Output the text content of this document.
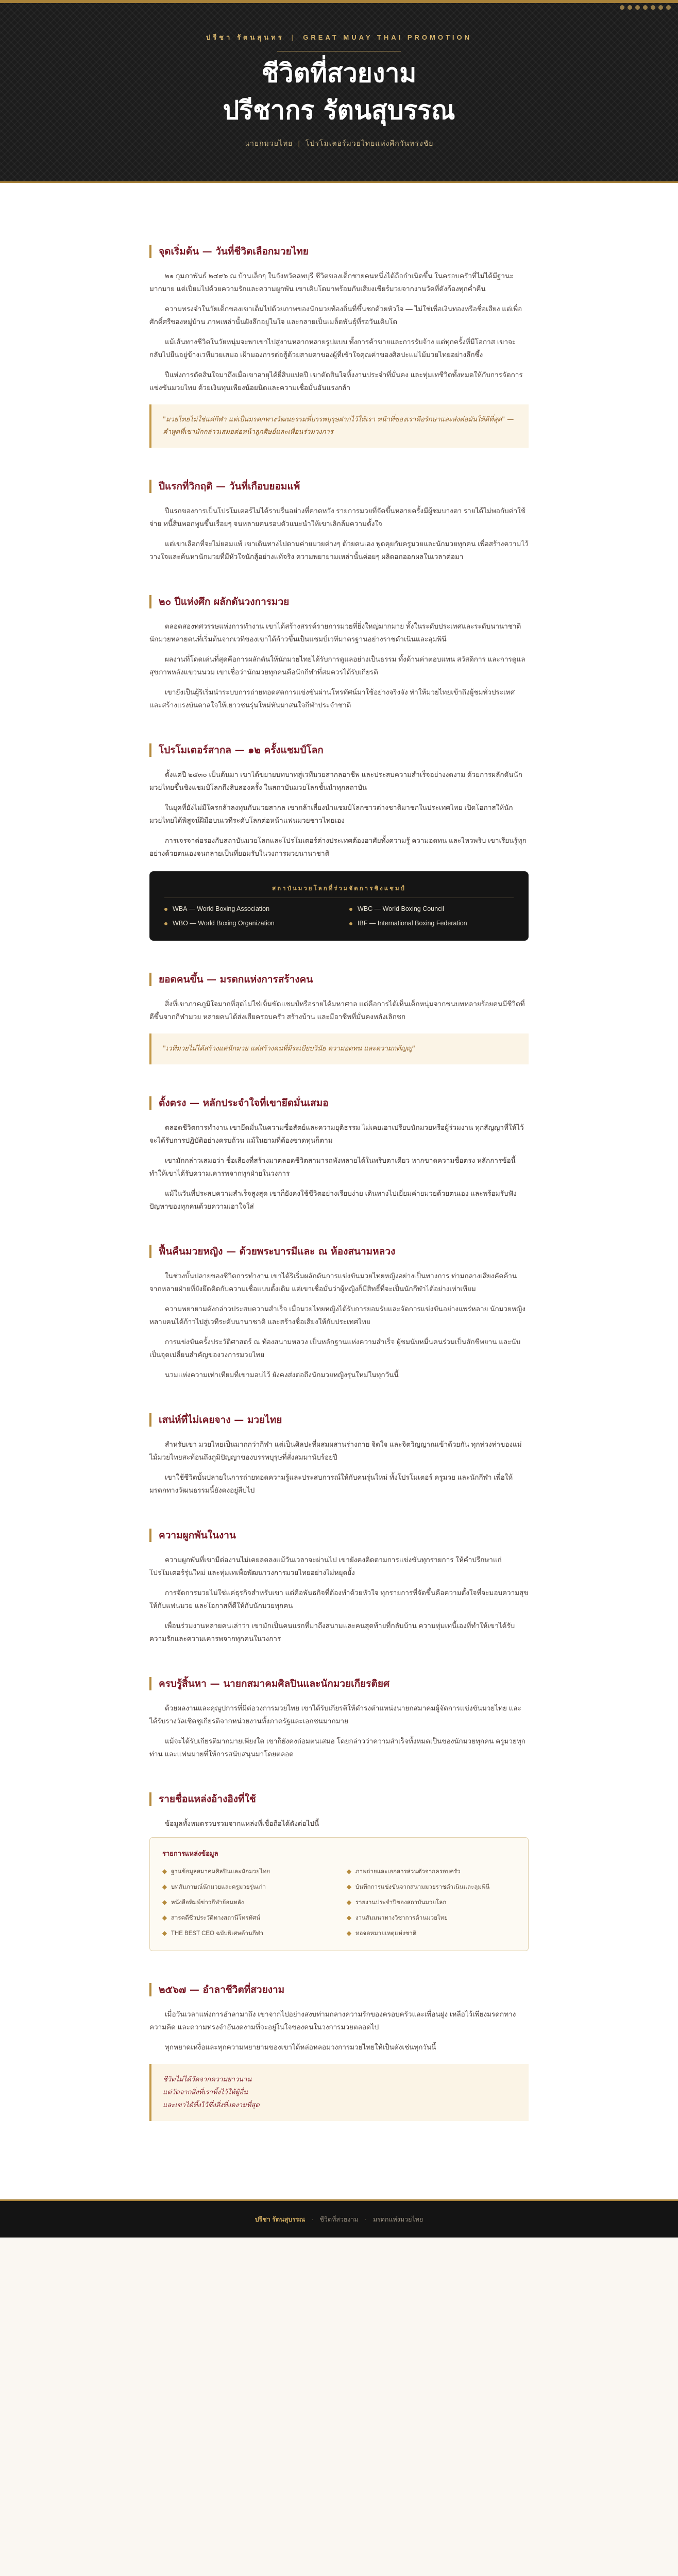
ปรีชา รัตนสุนทร | GREAT MUAY THAI PROMOTION
ชีวิตที่สวยงาม
ปรีชากร รัตนสุบรรณ
นายกมวยไทย | โปรโมเตอร์มวยไทยแห่งศึกวันทรงชัย
จุดเริ่มต้น — วันที่ชีวิตเลือกมวยไทย

๒๑ กุมภาพันธ์ ๒๔๙๖ ณ บ้านเล็กๆ ในจังหวัดลพบุรี ชีวิตของเด็กชายคนหนึ่งได้ถือกำเนิดขึ้น ในครอบครัวที่ไม่ได้มีฐานะมากมาย แต่เปี่ยมไปด้วยความรักและความผูกพัน เขาเติบโตมาพร้อมกับเสียงเชียร์มวยจากงานวัดที่ดังก้องทุกค่ำคืน

ความทรงจำในวัยเด็กของเขาเต็มไปด้วยภาพของนักมวยท้องถิ่นที่ขึ้นชกด้วยหัวใจ — ไม่ใช่เพื่อเงินทองหรือชื่อเสียง แต่เพื่อศักดิ์ศรีของหมู่บ้าน ภาพเหล่านั้นฝังลึกอยู่ในใจ และกลายเป็นเมล็ดพันธุ์ที่รอวันเติบโต

แม้เส้นทางชีวิตในวัยหนุ่มจะพาเขาไปสู่งานหลากหลายรูปแบบ ทั้งการค้าขายและการรับจ้าง แต่ทุกครั้งที่มีโอกาส เขาจะกลับไปยืนอยู่ข้างเวทีมวยเสมอ เฝ้ามองการต่อสู้ด้วยสายตาของผู้ที่เข้าใจคุณค่าของศิลปะแม่ไม้มวยไทยอย่างลึกซึ้ง

ปีแห่งการตัดสินใจมาถึงเมื่อเขาอายุได้ยี่สิบแปดปี เขาตัดสินใจทิ้งงานประจำที่มั่นคง และทุ่มเทชีวิตทั้งหมดให้กับการจัดการแข่งขันมวยไทย ด้วยเงินทุนเพียงน้อยนิดและความเชื่อมั่นอันแรงกล้า

"มวยไทยไม่ใช่แค่กีฬา แต่เป็นมรดกทางวัฒนธรรมที่บรรพบุรุษฝากไว้ให้เรา หน้าที่ของเราคือรักษาและส่งต่อมันให้ดีที่สุด" — คำพูดที่เขามักกล่าวเสมอต่อหน้าลูกศิษย์และเพื่อนร่วมวงการ
ปีแรกที่วิกฤติ — วันที่เกือบยอมแพ้

ปีแรกของการเป็นโปรโมเตอร์ไม่ได้ราบรื่นอย่างที่คาดหวัง รายการมวยที่จัดขึ้นหลายครั้งมีผู้ชมบางตา รายได้ไม่พอกับค่าใช้จ่าย หนี้สินพอกพูนขึ้นเรื่อยๆ จนหลายคนรอบตัวแนะนำให้เขาเลิกล้มความตั้งใจ

แต่เขาเลือกที่จะไม่ยอมแพ้ เขาเดินทางไปตามค่ายมวยต่างๆ ด้วยตนเอง พูดคุยกับครูมวยและนักมวยทุกคน เพื่อสร้างความไว้วางใจและค้นหานักมวยที่มีหัวใจนักสู้อย่างแท้จริง ความพยายามเหล่านั้นค่อยๆ ผลิดอกออกผลในเวลาต่อมา

๒๐ ปีแห่งศึก ผลักดันวงการมวย

ตลอดสองทศวรรษแห่งการทำงาน เขาได้สร้างสรรค์รายการมวยที่ยิ่งใหญ่มากมาย ทั้งในระดับประเทศและระดับนานาชาติ นักมวยหลายคนที่เริ่มต้นจากเวทีของเขาได้ก้าวขึ้นเป็นแชมป์เวทีมาตรฐานอย่างราชดำเนินและลุมพินี

ผลงานที่โดดเด่นที่สุดคือการผลักดันให้นักมวยไทยได้รับการดูแลอย่างเป็นธรรม ทั้งด้านค่าตอบแทน สวัสดิการ และการดูแลสุขภาพหลังแขวนนวม เขาเชื่อว่านักมวยทุกคนคือนักกีฬาที่สมควรได้รับเกียรติ

เขายังเป็นผู้ริเริ่มนำระบบการถ่ายทอดสดการแข่งขันผ่านโทรทัศน์มาใช้อย่างจริงจัง ทำให้มวยไทยเข้าถึงผู้ชมทั่วประเทศ และสร้างแรงบันดาลใจให้เยาวชนรุ่นใหม่หันมาสนใจกีฬาประจำชาติ

โปรโมเตอร์สากล — ๑๒ ครั้งแชมป์โลก

ตั้งแต่ปี ๒๕๓๐ เป็นต้นมา เขาได้ขยายบทบาทสู่เวทีมวยสากลอาชีพ และประสบความสำเร็จอย่างงดงาม ด้วยการผลักดันนักมวยไทยขึ้นชิงแชมป์โลกถึงสิบสองครั้ง ในสถาบันมวยโลกชั้นนำทุกสถาบัน

ในยุคที่ยังไม่มีใครกล้าลงทุนกับมวยสากล เขากล้าเสี่ยงนำแชมป์โลกชาวต่างชาติมาชกในประเทศไทย เปิดโอกาสให้นักมวยไทยได้พิสูจน์ฝีมือบนเวทีระดับโลกต่อหน้าแฟนมวยชาวไทยเอง

การเจรจาต่อรองกับสถาบันมวยโลกและโปรโมเตอร์ต่างประเทศต้องอาศัยทั้งความรู้ ความอดทน และไหวพริบ เขาเรียนรู้ทุกอย่างด้วยตนเองจนกลายเป็นที่ยอมรับในวงการมวยนานาชาติ

สถาบันมวยโลกที่ร่วมจัดการชิงแชมป์
WBA — World Boxing Association	WBC — World Boxing Council
WBO — World Boxing Organization	IBF — International Boxing Federation
ยอดคนขึ้น — มรดกแห่งการสร้างคน

สิ่งที่เขาภาคภูมิใจมากที่สุดไม่ใช่เข็มขัดแชมป์หรือรายได้มหาศาล แต่คือการได้เห็นเด็กหนุ่มจากชนบทหลายร้อยคนมีชีวิตที่ดีขึ้นจากกีฬามวย หลายคนได้ส่งเสียครอบครัว สร้างบ้าน และมีอาชีพที่มั่นคงหลังเลิกชก

"เวทีมวยไม่ได้สร้างแค่นักมวย แต่สร้างคนที่มีระเบียบวินัย ความอดทน และความกตัญญู"
ตั้งตรง — หลักประจำใจที่เขายึดมั่นเสมอ

ตลอดชีวิตการทำงาน เขายึดมั่นในความซื่อสัตย์และความยุติธรรม ไม่เคยเอาเปรียบนักมวยหรือผู้ร่วมงาน ทุกสัญญาที่ให้ไว้จะได้รับการปฏิบัติอย่างครบถ้วน แม้ในยามที่ต้องขาดทุนก็ตาม

เขามักกล่าวเสมอว่า ชื่อเสียงที่สร้างมาตลอดชีวิตสามารถพังทลายได้ในพริบตาเดียว หากขาดความซื่อตรง หลักการข้อนี้ทำให้เขาได้รับความเคารพจากทุกฝ่ายในวงการ

แม้ในวันที่ประสบความสำเร็จสูงสุด เขาก็ยังคงใช้ชีวิตอย่างเรียบง่าย เดินทางไปเยี่ยมค่ายมวยด้วยตนเอง และพร้อมรับฟังปัญหาของทุกคนด้วยความเอาใจใส่

ฟื้นคืนมวยหญิง — ด้วยพระบารมีและ ณ ห้องสนามหลวง

ในช่วงบั้นปลายของชีวิตการทำงาน เขาได้ริเริ่มผลักดันการแข่งขันมวยไทยหญิงอย่างเป็นทางการ ท่ามกลางเสียงคัดค้านจากหลายฝ่ายที่ยังยึดติดกับความเชื่อแบบดั้งเดิม แต่เขาเชื่อมั่นว่าผู้หญิงก็มีสิทธิ์ที่จะเป็นนักกีฬาได้อย่างเท่าเทียม

ความพยายามดังกล่าวประสบความสำเร็จ เมื่อมวยไทยหญิงได้รับการยอมรับและจัดการแข่งขันอย่างแพร่หลาย นักมวยหญิงหลายคนได้ก้าวไปสู่เวทีระดับนานาชาติ และสร้างชื่อเสียงให้กับประเทศไทย

การแข่งขันครั้งประวัติศาสตร์ ณ ท้องสนามหลวง เป็นหลักฐานแห่งความสำเร็จ ผู้ชมนับหมื่นคนร่วมเป็นสักขีพยาน และนับเป็นจุดเปลี่ยนสำคัญของวงการมวยไทย

นวมแห่งความเท่าเทียมที่เขามอบไว้ ยังคงส่งต่อถึงนักมวยหญิงรุ่นใหม่ในทุกวันนี้

เสน่ห์ที่ไม่เคยจาง — มวยไทย

สำหรับเขา มวยไทยเป็นมากกว่ากีฬา แต่เป็นศิลปะที่ผสมผสานร่างกาย จิตใจ และจิตวิญญาณเข้าด้วยกัน ทุกท่วงท่าของแม่ไม้มวยไทยสะท้อนถึงภูมิปัญญาของบรรพบุรุษที่สั่งสมมานับร้อยปี

เขาใช้ชีวิตบั้นปลายในการถ่ายทอดความรู้และประสบการณ์ให้กับคนรุ่นใหม่ ทั้งโปรโมเตอร์ ครูมวย และนักกีฬา เพื่อให้มรดกทางวัฒนธรรมนี้ยังคงอยู่สืบไป

ความผูกพันในงาน

ความผูกพันที่เขามีต่องานไม่เคยลดลงแม้วันเวลาจะผ่านไป เขายังคงติดตามการแข่งขันทุกรายการ ให้คำปรึกษาแก่โปรโมเตอร์รุ่นใหม่ และทุ่มเทเพื่อพัฒนาวงการมวยไทยอย่างไม่หยุดยั้ง

การจัดการมวยไม่ใช่แค่ธุรกิจสำหรับเขา แต่คือพันธกิจที่ต้องทำด้วยหัวใจ ทุกรายการที่จัดขึ้นคือความตั้งใจที่จะมอบความสุขให้กับแฟนมวย และโอกาสที่ดีให้กับนักมวยทุกคน

เพื่อนร่วมงานหลายคนเล่าว่า เขามักเป็นคนแรกที่มาถึงสนามและคนสุดท้ายที่กลับบ้าน ความทุ่มเทนี้เองที่ทำให้เขาได้รับความรักและความเคารพจากทุกคนในวงการ

ครบรู้สิ้นหา — นายกสมาคมศิลปินและนักมวยเกียรติยศ

ด้วยผลงานและคุณูปการที่มีต่อวงการมวยไทย เขาได้รับเกียรติให้ดำรงตำแหน่งนายกสมาคมผู้จัดการแข่งขันมวยไทย และได้รับรางวัลเชิดชูเกียรติจากหน่วยงานทั้งภาครัฐและเอกชนมากมาย

แม้จะได้รับเกียรติมากมายเพียงใด เขาก็ยังคงถ่อมตนเสมอ โดยกล่าวว่าความสำเร็จทั้งหมดเป็นของนักมวยทุกคน ครูมวยทุกท่าน และแฟนมวยที่ให้การสนับสนุนมาโดยตลอด

รายชื่อแหล่งอ้างอิงที่ใช้

ข้อมูลทั้งหมดรวบรวมจากแหล่งที่เชื่อถือได้ดังต่อไปนี้

รายการแหล่งข้อมูล
◆ ฐานข้อมูลสมาคมศิลปินและนักมวยไทย	◆ ภาพถ่ายและเอกสารส่วนตัวจากครอบครัว
◆ บทสัมภาษณ์นักมวยและครูมวยรุ่นเก่า	◆ บันทึกการแข่งขันจากสนามมวยราชดำเนินและลุมพินี
◆ หนังสือพิมพ์ข่าวกีฬาย้อนหลัง	◆ รายงานประจำปีของสถาบันมวยโลก
◆ สารคดีชีวประวัติทางสถานีโทรทัศน์	◆ งานสัมมนาทางวิชาการด้านมวยไทย
◆ THE BEST CEO ฉบับพิเศษด้านกีฬา	◆ หอจดหมายเหตุแห่งชาติ
๒๕๖๗ — อำลาชีวิตที่สวยงาม

เมื่อวันเวลาแห่งการอำลามาถึง เขาจากไปอย่างสงบท่ามกลางความรักของครอบครัวและเพื่อนฝูง เหลือไว้เพียงมรดกทางความคิด และความทรงจำอันงดงามที่จะอยู่ในใจของคนในวงการมวยตลอดไป

ทุกหยาดเหงื่อและทุกความพยายามของเขาได้หล่อหลอมวงการมวยไทยให้เป็นดังเช่นทุกวันนี้

ชีวิตไม่ได้วัดจากความยาวนาน
แต่วัดจากสิ่งที่เราทิ้งไว้ให้ผู้อื่น
และเขาได้ทิ้งไว้ซึ่งสิ่งที่งดงามที่สุด
ปรีชา รัตนสุบรรณ · ชีวิตที่สวยงาม · มรดกแห่งมวยไทย
